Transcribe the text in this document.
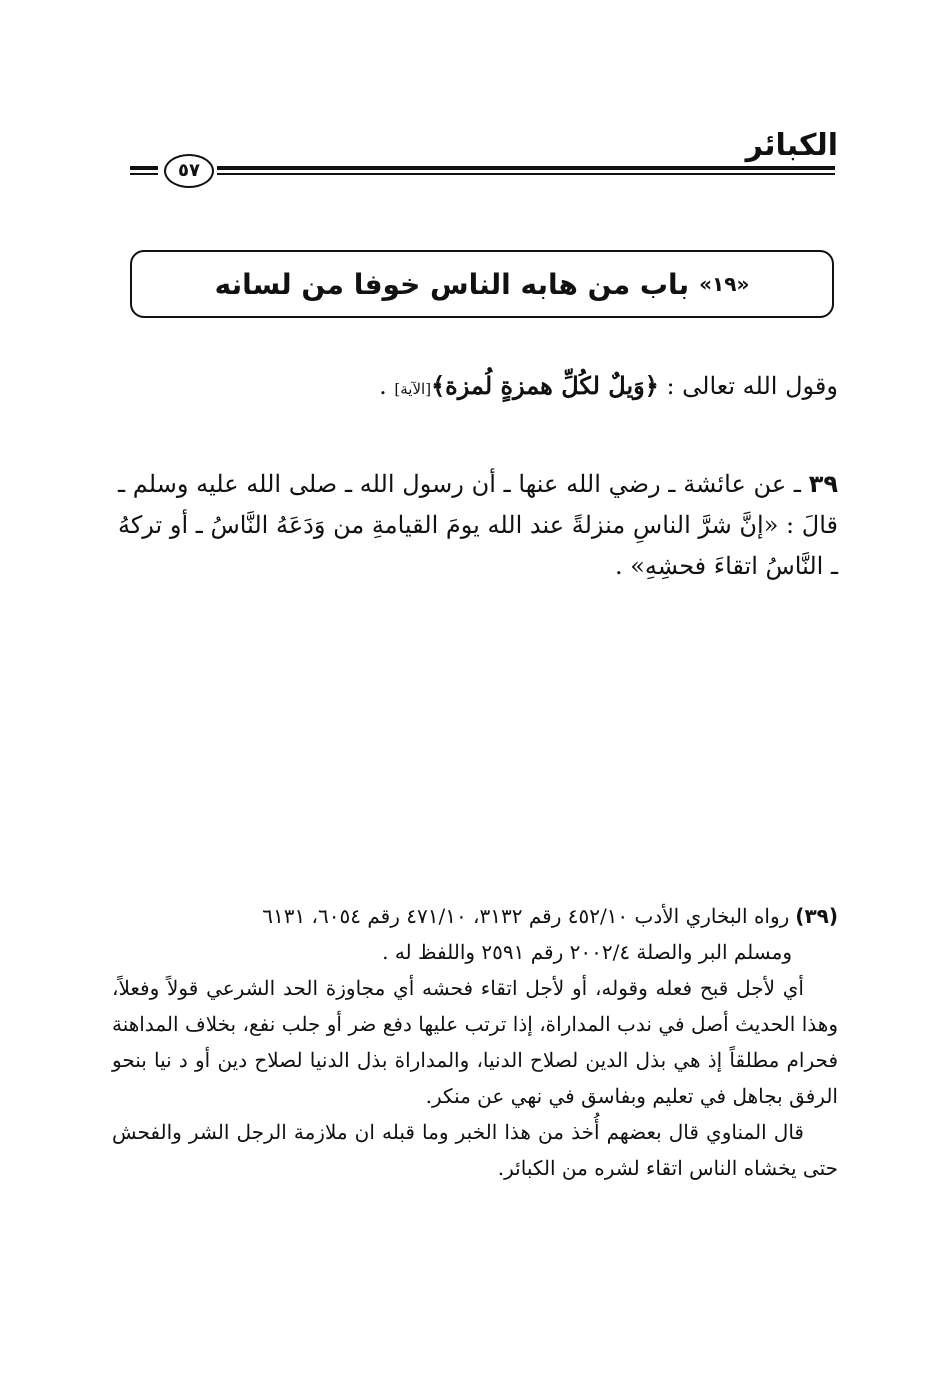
الكبائر
٥٧
«١٩»
باب من هابه الناس خوفا من لسانه
وقول الله تعالى : ﴿وَيلٌ لكُلِّ همزةٍ لُمزة﴾[الآية] .
٣٩ ـ عن عائشة ـ رضي الله عنها ـ أن رسول الله ـ صلى الله عليه وسلم ـ قالَ : «إنَّ شرَّ الناسِ منزلةً عند الله يومَ القيامةِ من وَدَعَهُ النَّاسُ ـ أو تركهُ ـ النَّاسُ اتقاءَ فحشِهِ» .
(٣٩)رواه البخاري الأدب ٤٥٢/١٠ رقم ٣١٣٢، ٤٧١/١٠ رقم ٦٠٥٤، ٦١٣١
ومسلم البر والصلة ٢٠٠٢/٤ رقم ٢٥٩١ واللفظ له .
أي لأجل قبح فعله وقوله، أو لأجل اتقاء فحشه أي مجاوزة الحد الشرعي قولاً وفعلاً، وهذا الحديث أصل في ندب المداراة، إذا ترتب عليها دفع ضر أو جلب نفع، بخلاف المداهنة فحرام مطلقاً إذ هي بذل الدين لصلاح الدنيا، والمداراة بذل الدنيا لصلاح دين أو د نيا بنحو الرفق بجاهل في تعليم وبفاسق في نهي عن منكر.
قال المناوي قال بعضهم أُخذ من هذا الخبر وما قبله ان ملازمة الرجل الشر والفحش حتى يخشاه الناس اتقاء لشره من الكبائر.
